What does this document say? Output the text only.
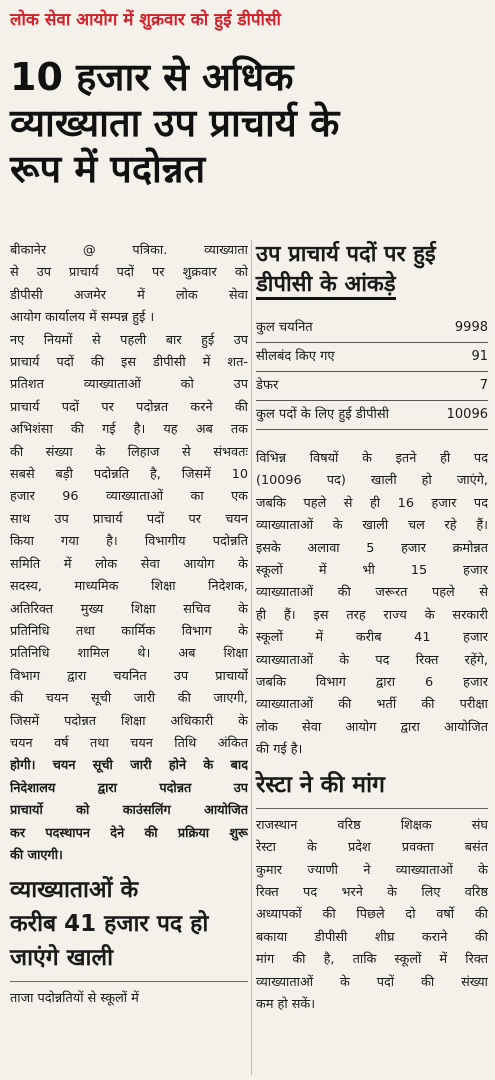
लोक सेवा आयोग में शुक्रवार को हुई डीपीसी
10 हजार से अधिक
व्याख्याता उप प्राचार्य के
रूप में पदोन्नत
बीकानेर @ पत्रिका. व्याख्याता
से उप प्राचार्य पदों पर शुक्रवार को
डीपीसी अजमेर में लोक सेवा
आयोग कार्यालय में सम्पन्न हुई ।
नए नियमों से पहली बार हुई उप
प्राचार्य पदों की इस डीपीसी में शत-
प्रतिशत व्याख्याताओं को उप
प्राचार्य पदों पर पदोन्नत करने की
अभिशंसा की गई है। यह अब तक
की संख्या के लिहाज से संभवतः
सबसे बड़ी पदोन्नति है, जिसमें 10
हजार 96 व्याख्याताओं का एक
साथ उप प्राचार्य पदों पर चयन
किया गया है। विभागीय पदोन्नति
समिति में लोक सेवा आयोग के
सदस्य, माध्यमिक शिक्षा निदेशक,
अतिरिक्त मुख्य शिक्षा सचिव के
प्रतिनिधि तथा कार्मिक विभाग के
प्रतिनिधि शामिल थे। अब शिक्षा
विभाग द्वारा चयनित उप प्राचार्यो
की चयन सूची जारी की जाएगी,
जिसमें पदोन्नत शिक्षा अधिकारी के
चयन वर्ष तथा चयन तिथि अंकित
होगी। चयन सूची जारी होने के बाद
निदेशालय द्वारा पदोन्नत उप
प्राचार्यो को काउंसलिंग आयोजित
कर पदस्थापन देने की प्रक्रिया शुरू
की जाएगी।
व्याख्याताओं के
करीब 41 हजार पद हो
जाएंगे खाली
ताजा पदोन्नतियों से स्कूलों में
उप प्राचार्य पदों पर हुई
डीपीसी के आंकड़े
कुल चयनित	9998
सीलबंद किए गए	91
डेफर	7
कुल पदों के लिए हुई डीपीसी	10096
विभिन्न विषयों के इतने ही पद
(10096 पद) खाली हो जाएंगे,
जबकि पहले से ही 16 हजार पद
व्याख्याताओं के खाली चल रहे हैं।
इसके अलावा 5 हजार क्रमोन्नत
स्कूलों में भी 15 हजार
व्याख्याताओं की जरूरत पहले से
ही हैं। इस तरह राज्य के सरकारी
स्कूलों में करीब 41 हजार
व्याख्याताओं के पद रिक्त रहेंगे,
जबकि विभाग द्वारा 6 हजार
व्याख्याताओं की भर्ती की परीक्षा
लोक सेवा आयोग द्वारा आयोजित
की गई है।
रेस्टा ने की मांग
राजस्थान वरिष्ठ शिक्षक संघ
रेस्टा के प्रदेश प्रवक्ता बसंत
कुमार ज्याणी ने व्याख्याताओं के
रिक्त पद भरने के लिए वरिष्ठ
अध्यापकों की पिछले दो वर्षो की
बकाया डीपीसी शीघ्र कराने की
मांग की है, ताकि स्कूलों में रिक्त
व्याख्याताओं के पदों की संख्या
कम हो सकें।
